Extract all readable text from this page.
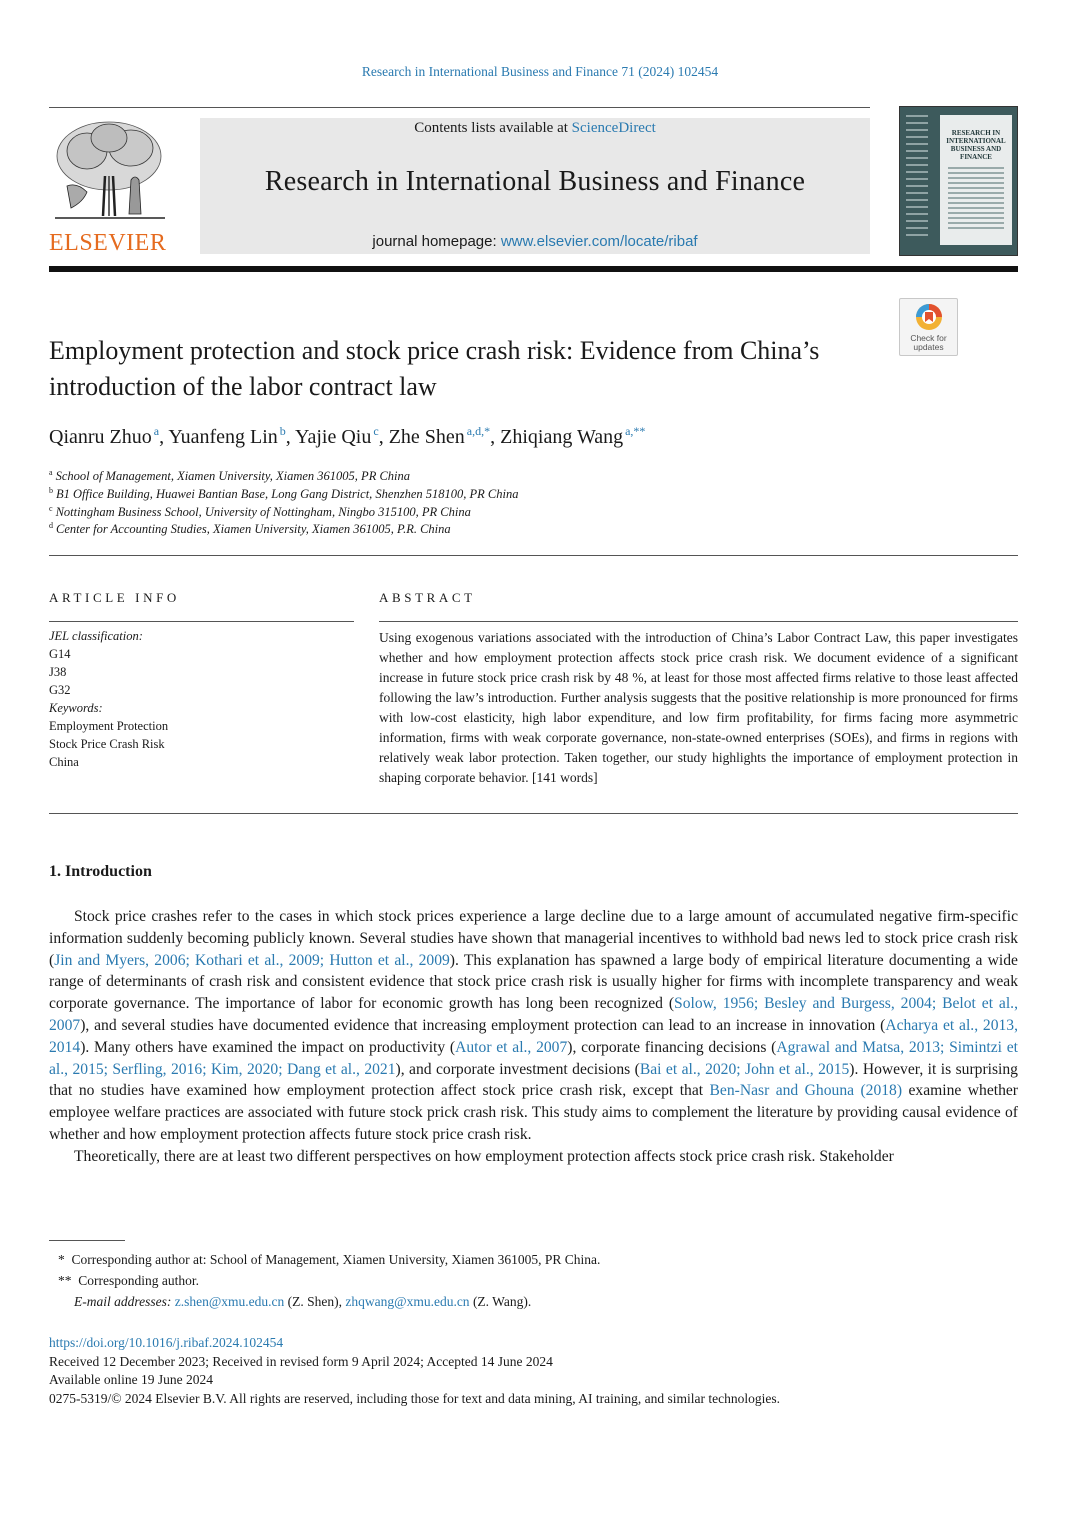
Research in International Business and Finance 71 (2024) 102454
ELSEVIER
Contents lists available at ScienceDirect
Research in International Business and Finance
journal homepage: www.elsevier.com/locate/ribaf
RESEARCH IN INTERNATIONAL BUSINESS AND FINANCE
Check for updates
Employment protection and stock price crash risk: Evidence from China’s introduction of the labor contract law
Qianru Zhuo $^a$, Yuanfeng Lin $^b$, Yajie Qiu $^c$, Zhe Shen $^{a,d,*}$, Zhiqiang Wang $^{a,**}$
$^a$ School of Management, Xiamen University, Xiamen 361005, PR China
$^b$ B1 Office Building, Huawei Bantian Base, Long Gang District, Shenzhen 518100, PR China
$^c$ Nottingham Business School, University of Nottingham, Ningbo 315100, PR China
$^d$ Center for Accounting Studies, Xiamen University, Xiamen 361005, P.R. China
ARTICLE INFO
JEL classification:
G14
J38
G32
Keywords:
Employment Protection
Stock Price Crash Risk
China
ABSTRACT
Using exogenous variations associated with the introduction of China’s Labor Contract Law, this paper investigates whether and how employment protection affects stock price crash risk. We document evidence of a significant increase in future stock price crash risk by 48 %, at least for those most affected firms relative to those least affected following the law’s introduction. Further analysis suggests that the positive relationship is more pronounced for firms with low-cost elasticity, high labor expenditure, and low firm profitability, for firms facing more asymmetric information, firms with weak corporate governance, non-state-owned enterprises (SOEs), and firms in regions with relatively weak labor protection. Taken together, our study highlights the importance of employment protection in shaping corporate behavior. [141 words]
1. Introduction

Stock price crashes refer to the cases in which stock prices experience a large decline due to a large amount of accumulated negative firm-specific information suddenly becoming publicly known. Several studies have shown that managerial incentives to withhold bad news led to stock price crash risk (Jin and Myers, 2006; Kothari et al., 2009; Hutton et al., 2009). This explanation has spawned a large body of empirical literature documenting a wide range of determinants of crash risk and consistent evidence that stock price crash risk is usually higher for firms with incomplete transparency and weak corporate governance. The importance of labor for economic growth has long been recognized (Solow, 1956; Besley and Burgess, 2004; Belot et al., 2007), and several studies have documented evidence that increasing employment protection can lead to an increase in innovation (Acharya et al., 2013, 2014). Many others have examined the impact on productivity (Autor et al., 2007), corporate financing decisions (Agrawal and Matsa, 2013; Simintzi et al., 2015; Serfling, 2016; Kim, 2020; Dang et al., 2021), and corporate investment decisions (Bai et al., 2020; John et al., 2015). However, it is surprising that no studies have examined how employment protection affect stock price crash risk, except that Ben-Nasr and Ghouna (2018) examine whether employee welfare practices are associated with future stock prick crash risk. This study aims to complement the literature by providing causal evidence of whether and how employment protection affects future stock price crash risk.

Theoretically, there are at least two different perspectives on how employment protection affects stock price crash risk. Stakeholder

* Corresponding author at: School of Management, Xiamen University, Xiamen 361005, PR China.
** Corresponding author.
E-mail addresses: z.shen@xmu.edu.cn (Z. Shen), zhqwang@xmu.edu.cn (Z. Wang).
https://doi.org/10.1016/j.ribaf.2024.102454
Received 12 December 2023; Received in revised form 9 April 2024; Accepted 14 June 2024
Available online 19 June 2024
0275-5319/© 2024 Elsevier B.V. All rights are reserved, including those for text and data mining, AI training, and similar technologies.
